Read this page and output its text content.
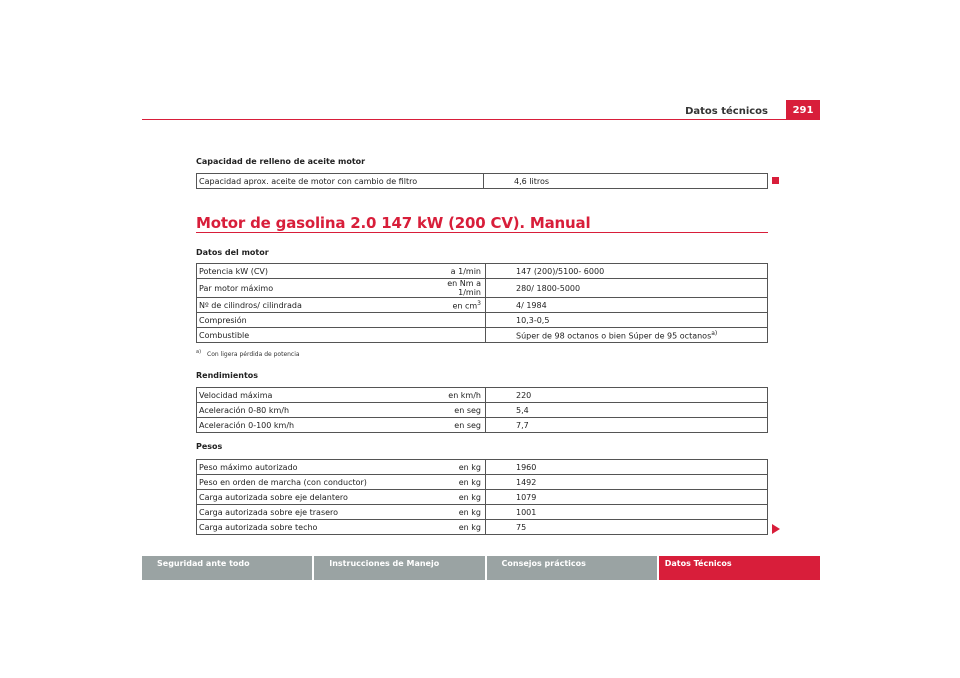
Datos técnicos	291
Capacidad de relleno de aceite motor
Capacidad aprox. aceite de motor con cambio de filtro	4,6 litros
Motor de gasolina 2.0 147 kW (200 CV). Manual
Datos del motor
Potencia kW (CV)	a 1/min	147 (200)/5100- 6000
Par motor máximo	en Nm a 1/min	280/ 1800-5000
Nº de cilindros/ cilindrada	en $cm^3$	4/ 1984
Compresión		10,3-0,5
Combustible		Súper de 98 octanos o bien Súper de 95 octanos$^{a)}$
$^{a)}$ Con ligera pérdida de potencia
Rendimientos
Velocidad máxima	en km/h	220
Aceleración 0-80 km/h	en seg	5,4
Aceleración 0-100 km/h	en seg	7,7
Pesos
Peso máximo autorizado	en kg	1960
Peso en orden de marcha (con conductor)	en kg	1492
Carga autorizada sobre eje delantero	en kg	1079
Carga autorizada sobre eje trasero	en kg	1001
Carga autorizada sobre techo	en kg	75
Seguridad ante todo	Instrucciones de Manejo	Consejos prácticos	Datos Técnicos
